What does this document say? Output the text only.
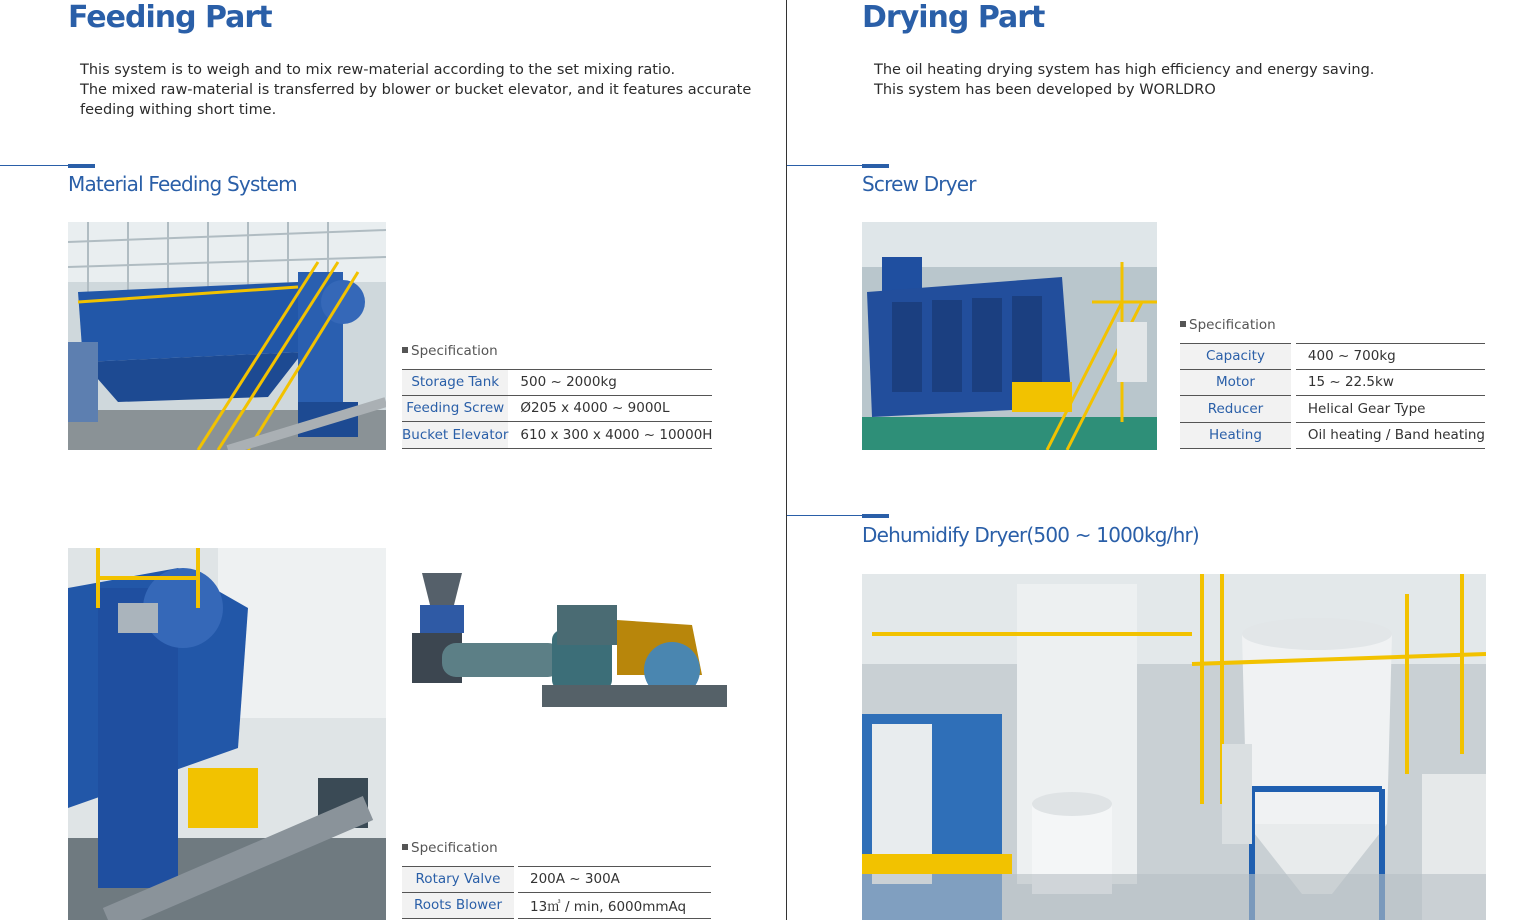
Feeding Part
This system is to weigh and to mix rew-material according to the set mixing ratio.
The mixed raw-material is transferred by blower or bucket elevator, and it features accurate
feeding withing short time.
Material Feeding System
Specification
Storage Tank		500 ~ 2000kg
Feeding Screw		Ø205 x 4000 ~ 9000L
Bucket Elevator		610 x 300 x 4000 ~ 10000H
Specification
Rotary Valve		200A ~ 300A
Roots Blower		13㎥ / min, 6000mmAq
Drying Part
The oil heating drying system has high efficiency and energy saving.
This system has been developed by WORLDRO
Screw Dryer
Specification
Capacity		400 ~ 700kg
Motor		15 ~ 22.5kw
Reducer		Helical Gear Type
Heating		Oil heating / Band heating
Dehumidify Dryer(500 ~ 1000kg/hr)
